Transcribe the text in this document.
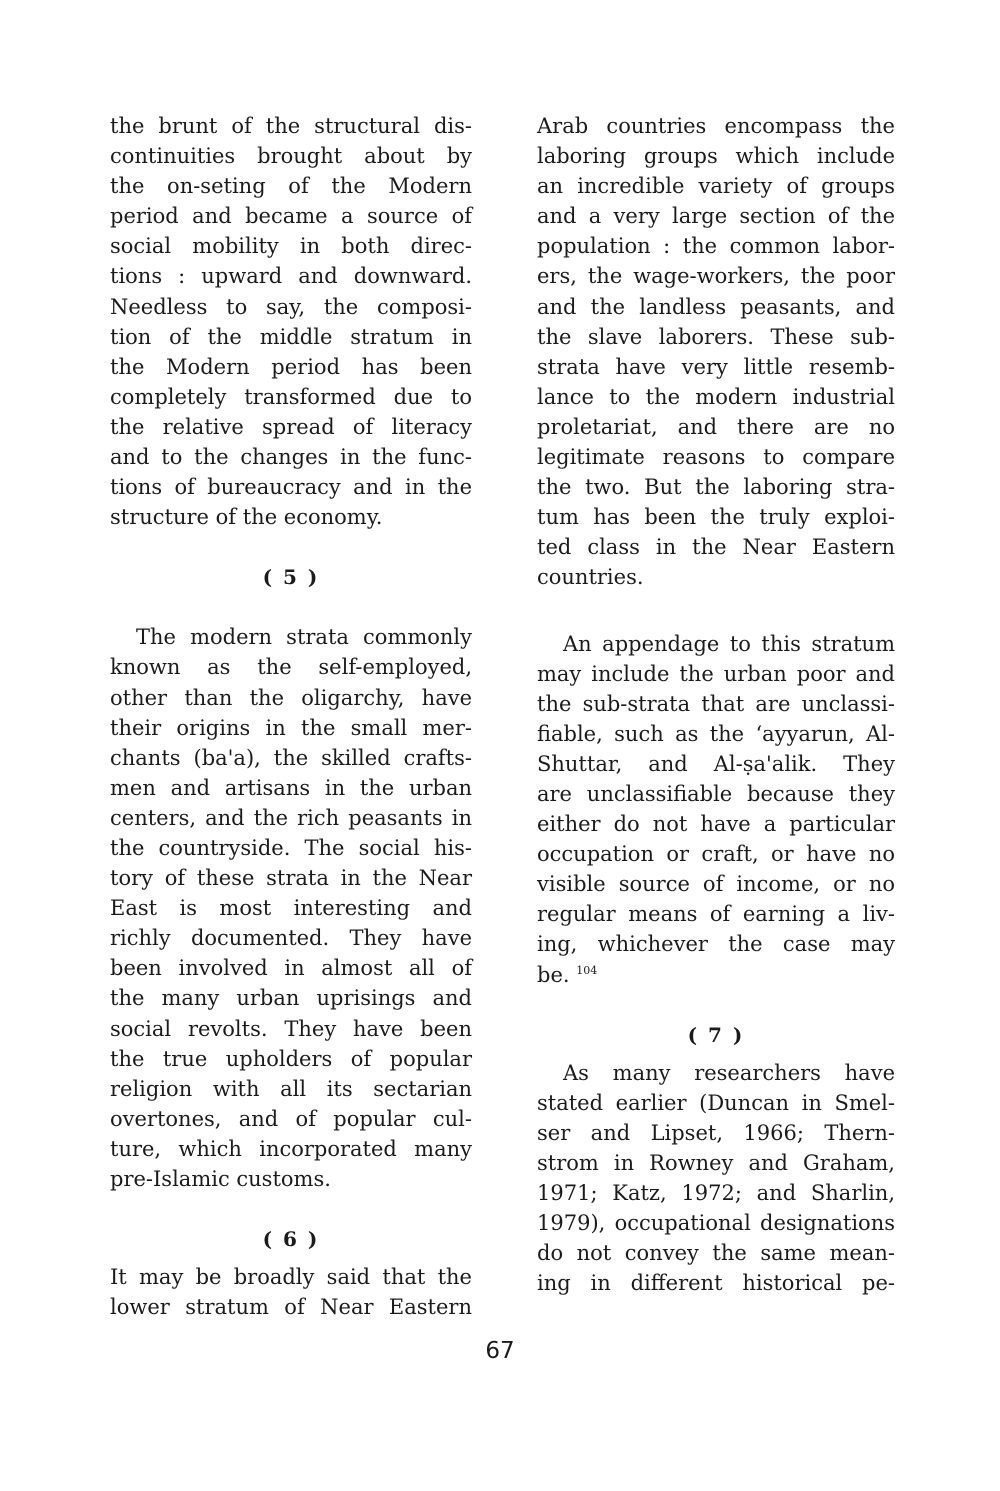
the brunt of the structural dis-
continuities brought about by
the on-seting of the Modern
period and became a source of
social mobility in both direc-
tions : upward and downward.
Needless to say, the composi-
tion of the middle stratum in
the Modern period has been
completely transformed due to
the relative spread of literacy
and to the changes in the func-
tions of bureaucracy and in the
structure of the economy.
( 5 )
The modern strata commonly
known as the self-employed,
other than the oligarchy, have
their origins in the small mer-
chants (ba'a), the skilled crafts-
men and artisans in the urban
centers, and the rich peasants in
the countryside. The social his-
tory of these strata in the Near
East is most interesting and
richly documented. They have
been involved in almost all of
the many urban uprisings and
social revolts. They have been
the true upholders of popular
religion with all its sectarian
overtones, and of popular cul-
ture, which incorporated many
pre-Islamic customs.
( 6 )
It may be broadly said that the
lower stratum of Near Eastern
Arab countries encompass the
laboring groups which include
an incredible variety of groups
and a very large section of the
population : the common labor-
ers, the wage-workers, the poor
and the landless peasants, and
the slave laborers. These sub-
strata have very little resemb-
lance to the modern industrial
proletariat, and there are no
legitimate reasons to compare
the two. But the laboring stra-
tum has been the truly exploi-
ted class in the Near Eastern
countries.
An appendage to this stratum
may include the urban poor and
the sub-strata that are unclassi-
fiable, such as the ‘ayyarun, Al-
Shuttar, and Al-ṣa'alik. They
are unclassifiable because they
either do not have a particular
occupation or craft, or have no
visible source of income, or no
regular means of earning a liv-
ing, whichever the case may
be. $^{104}$
( 7 )
As many researchers have
stated earlier (Duncan in Smel-
ser and Lipset, 1966; Thern-
strom in Rowney and Graham,
1971; Katz, 1972; and Sharlin,
1979), occupational designations
do not convey the same mean-
ing in different historical pe-
67
